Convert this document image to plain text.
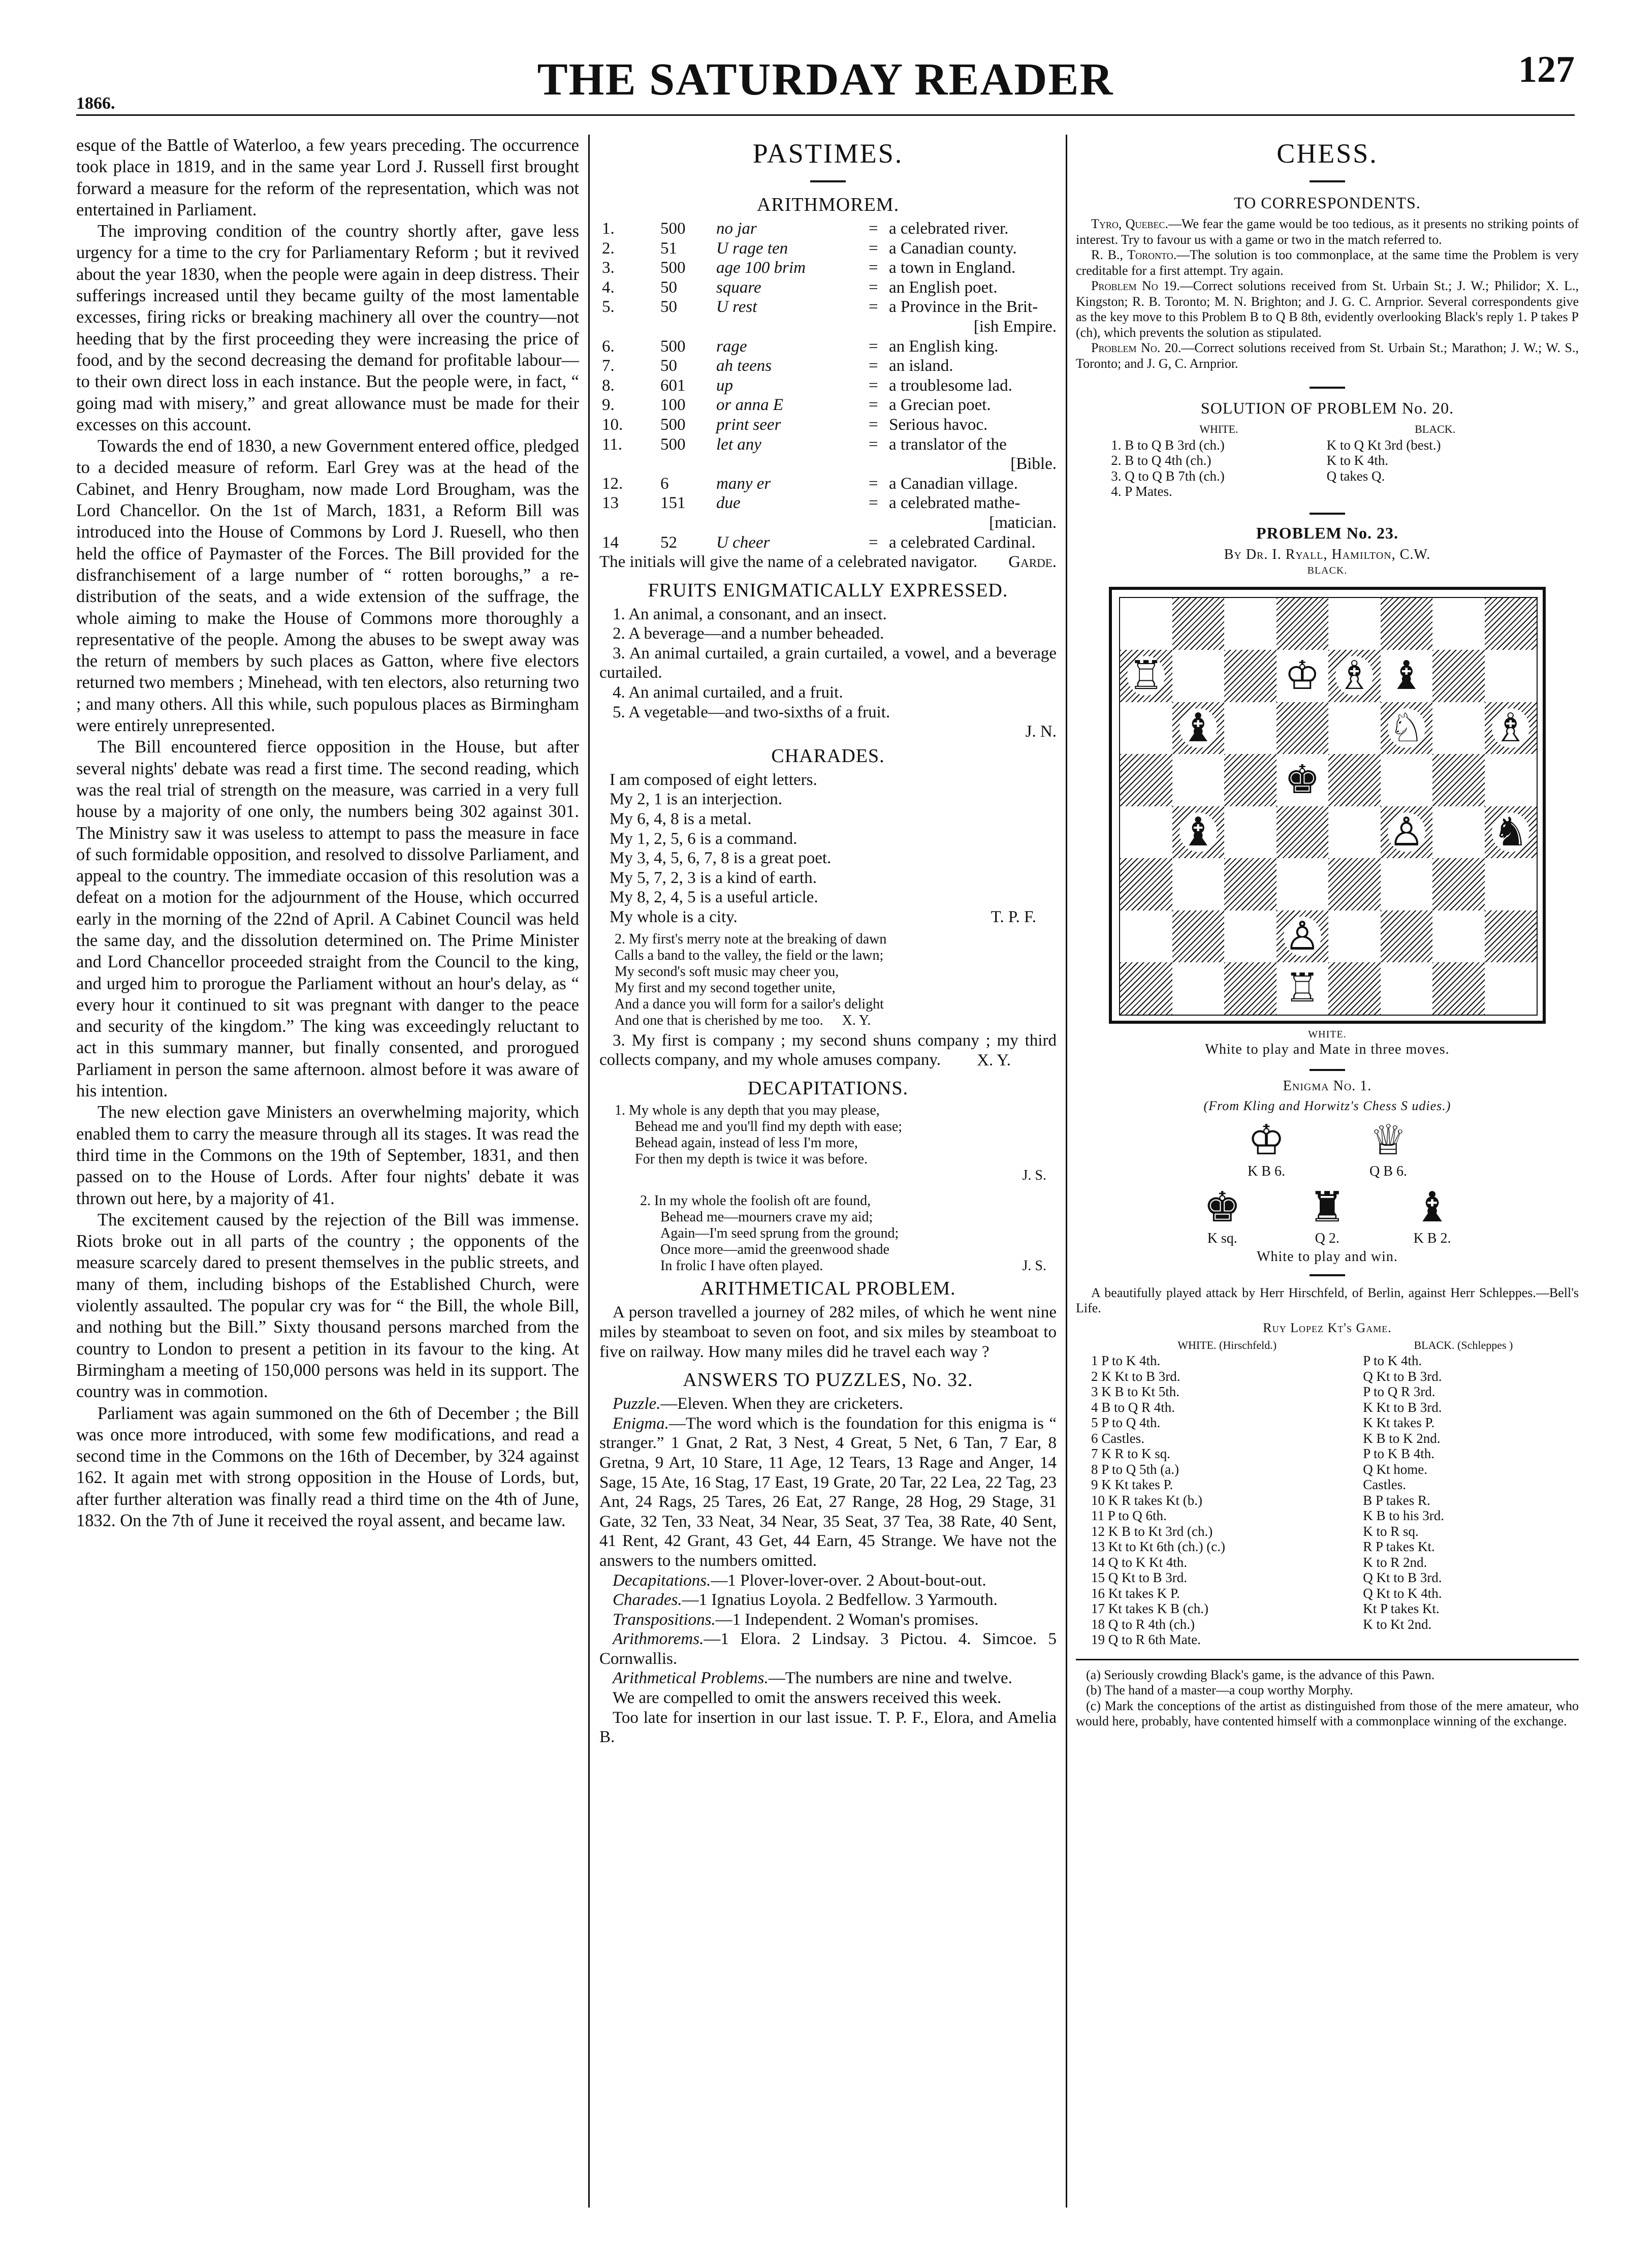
1866.	THE SATURDAY READER	127

esque of the Battle of Waterloo, a few years preceding. The occurrence took place in 1819, and in the same year Lord J. Russell first brought forward a measure for the reform of the representation, which was not entertained in Parliament.

The improving condition of the country shortly after, gave less urgency for a time to the cry for Parliamentary Reform ; but it revived about the year 1830, when the people were again in deep distress. Their sufferings increased until they became guilty of the most lamentable excesses, firing ricks or breaking machinery all over the country—not heeding that by the first proceeding they were increasing the price of food, and by the second decreasing the demand for profitable labour—to their own direct loss in each instance. But the people were, in fact, “ going mad with misery,” and great allowance must be made for their excesses on this account.

Towards the end of 1830, a new Government entered office, pledged to a decided measure of reform. Earl Grey was at the head of the Cabinet, and Henry Brougham, now made Lord Brougham, was the Lord Chancellor. On the 1st of March, 1831, a Reform Bill was introduced into the House of Commons by Lord J. Ruesell, who then held the office of Paymaster of the Forces. The Bill provided for the disfranchisement of a large number of “ rotten boroughs,” a re-distribution of the seats, and a wide extension of the suffrage, the whole aiming to make the House of Commons more thoroughly a representative of the people. Among the abuses to be swept away was the return of members by such places as Gatton, where five electors returned two members ; Minehead, with ten electors, also returning two ; and many others. All this while, such populous places as Birmingham were entirely unrepresented.

The Bill encountered fierce opposition in the House, but after several nights' debate was read a first time. The second reading, which was the real trial of strength on the measure, was carried in a very full house by a majority of one only, the numbers being 302 against 301. The Ministry saw it was useless to attempt to pass the measure in face of such formidable opposition, and resolved to dissolve Parliament, and appeal to the country. The immediate occasion of this resolution was a defeat on a motion for the adjournment of the House, which occurred early in the morning of the 22nd of April. A Cabinet Council was held the same day, and the dissolution determined on. The Prime Minister and Lord Chancellor proceeded straight from the Council to the king, and urged him to prorogue the Parliament without an hour's delay, as “ every hour it continued to sit was pregnant with danger to the peace and security of the kingdom.” The king was exceedingly reluctant to act in this summary manner, but finally consented, and prorogued Parliament in person the same afternoon. almost before it was aware of his intention.

The new election gave Ministers an overwhelming majority, which enabled them to carry the measure through all its stages. It was read the third time in the Commons on the 19th of September, 1831, and then passed on to the House of Lords. After four nights' debate it was thrown out here, by a majority of 41.

The excitement caused by the rejection of the Bill was immense. Riots broke out in all parts of the country ; the opponents of the measure scarcely dared to present themselves in the public streets, and many of them, including bishops of the Established Church, were violently assaulted. The popular cry was for “ the Bill, the whole Bill, and nothing but the Bill.” Sixty thousand persons marched from the country to London to present a petition in its favour to the king. At Birmingham a meeting of 150,000 persons was held in its support. The country was in commotion.

Parliament was again summoned on the 6th of December ; the Bill was once more introduced, with some few modifications, and read a second time in the Commons on the 16th of December, by 324 against 162. It again met with strong opposition in the House of Lords, but, after further alteration was finally read a third time on the 4th of June, 1832. On the 7th of June it received the royal assent, and became law.

PASTIMES.
ARITHMOREM.
1.	500	no jar	=	a celebrated river.
2.	51	U rage ten	=	a Canadian county.
3.	500	age 100 brim	=	a town in England.
4.	50	square	=	an English poet.
5.	50	U rest	=	a Province in the Brit-
				[ish Empire.
6.	500	rage	=	an English king.
7.	50	ah teens	=	an island.
8.	601	up	=	a troublesome lad.
9.	100	or anna E	=	a Grecian poet.
10.	500	print seer	=	Serious havoc.
11.	500	let any	=	a translator of the
				[Bible.
12.	6	many er	=	a Canadian village.
13	151	due	=	a celebrated mathe-
				[matician.
14	52	U cheer	=	a celebrated Cardinal.
The initials will give the name of a celebrated navigator. Garde.
FRUITS ENIGMATICALLY EXPRESSED.

1. An animal, a consonant, and an insect.

2. A beverage—and a number beheaded.

3. An animal curtailed, a grain curtailed, a vowel, and a beverage curtailed.

4. An animal curtailed, and a fruit.

5. A vegetable—and two-sixths of a fruit.

J. N.
CHARADES.
I am composed of eight letters.
My 2, 1 is an interjection.
My 6, 4, 8 is a metal.
My 1, 2, 5, 6 is a command.
My 3, 4, 5, 6, 7, 8 is a great poet.
My 5, 7, 2, 3 is a kind of earth.
My 8, 2, 4, 5 is a useful article.
My whole is a city.	T. P. F.

2. My first's merry note at the breaking of dawn

Calls a band to the valley, the field or the lawn;

My second's soft music may cheer you,

My first and my second together unite,

And a dance you will form for a sailor's delight

And one that is cherished by me too. X. Y.

3. My first is company ; my second shuns company ; my third collects company, and my whole amuses company.	X. Y.
DECAPITATIONS.

1. My whole is any depth that you may please,

Behead me and you'll find my depth with ease;

Behead again, instead of less I'm more,

For then my depth is twice it was before.

J. S.

2. In my whole the foolish oft are found,

Behead me—mourners crave my aid;

Again—I'm seed sprung from the ground;

Once more—amid the greenwood shade

In frolic I have often played.	J. S.

ARITHMETICAL PROBLEM.

A person travelled a journey of 282 miles, of which he went nine miles by steamboat to seven on foot, and six miles by steamboat to five on railway. How many miles did he travel each way ?

ANSWERS TO PUZZLES, No. 32.

Puzzle.—Eleven. When they are cricketers.

Enigma.—The word which is the foundation for this enigma is “ stranger.” 1 Gnat, 2 Rat, 3 Nest, 4 Great, 5 Net, 6 Tan, 7 Ear, 8 Gretna, 9 Art, 10 Stare, 11 Age, 12 Tears, 13 Rage and Anger, 14 Sage, 15 Ate, 16 Stag, 17 East, 19 Grate, 20 Tar, 22 Lea, 22 Tag, 23 Ant, 24 Rags, 25 Tares, 26 Eat, 27 Range, 28 Hog, 29 Stage, 31 Gate, 32 Ten, 33 Neat, 34 Near, 35 Seat, 37 Tea, 38 Rate, 40 Sent, 41 Rent, 42 Grant, 43 Get, 44 Earn, 45 Strange. We have not the answers to the numbers omitted.

Decapitations.—1 Plover-lover-over. 2 About-bout-out.

Charades.—1 Ignatius Loyola. 2 Bedfellow. 3 Yarmouth.

Transpositions.—1 Independent. 2 Woman's promises.

Arithmorems.—1 Elora. 2 Lindsay. 3 Pictou. 4. Simcoe. 5 Cornwallis.

Arithmetical Problems.—The numbers are nine and twelve.

We are compelled to omit the answers received this week.

Too late for insertion in our last issue. T. P. F., Elora, and Amelia B.

CHESS.
TO CORRESPONDENTS.

Tyro, Quebec.—We fear the game would be too tedious, as it presents no striking points of interest. Try to favour us with a game or two in the match referred to.

R. B., Toronto.—The solution is too commonplace, at the same time the Problem is very creditable for a first attempt. Try again.

Problem No 19.—Correct solutions received from St. Urbain St.; J. W.; Philidor; X. L., Kingston; R. B. Toronto; M. N. Brighton; and J. G. C. Arnprior. Several correspondents give as the key move to this Problem B to Q B 8th, evidently overlooking Black's reply 1. P takes P (ch), which prevents the solution as stipulated.

Problem No. 20.—Correct solutions received from St. Urbain St.; Marathon; J. W.; W. S., Toronto; and J. G, C. Arnprior.

SOLUTION OF PROBLEM No. 20.
WHITE.	BLACK.
1. B to Q B 3rd (ch.)	K to Q Kt 3rd (best.)
2. B to Q 4th (ch.)	K to K 4th.
3. Q to Q B 7th (ch.)	Q takes Q.
4. P Mates.	
PROBLEM No. 23.
By Dr. I. Ryall, Hamilton, C.W.
BLACK.
♖	♔ ♗ ♝
♝	♘ ♗
♚
♝	♙ ♞
♙
♖
WHITE.
White to play and Mate in three moves.
Enigma No. 1.
(From Kling and Horwitz's Chess S udies.)
♔
K B 6.
♕
Q B 6.
♚
K sq.
♜
Q 2.
♝
K B 2.
White to play and win.

A beautifully played attack by Herr Hirschfeld, of Berlin, against Herr Schleppes.—Bell's Life.

Ruy Lopez Kt's Game.
WHITE. (Hirschfeld.)	BLACK. (Schleppes )
1 P to K 4th.	P to K 4th.
2 K Kt to B 3rd.	Q Kt to B 3rd.
3 K B to Kt 5th.	P to Q R 3rd.
4 B to Q R 4th.	K Kt to B 3rd.
5 P to Q 4th.	K Kt takes P.
6 Castles.	K B to K 2nd.
7 K R to K sq.	P to K B 4th.
8 P to Q 5th (a.)	Q Kt home.
9 K Kt takes P.	Castles.
10 K R takes Kt (b.)	B P takes R.
11 P to Q 6th.	K B to his 3rd.
12 K B to Kt 3rd (ch.)	K to R sq.
13 Kt to Kt 6th (ch.) (c.)	R P takes Kt.
14 Q to K Kt 4th.	K to R 2nd.
15 Q Kt to B 3rd.	Q Kt to B 3rd.
16 Kt takes K P.	Q Kt to K 4th.
17 Kt takes K B (ch.)	Kt P takes Kt.
18 Q to R 4th (ch.)	K to Kt 2nd.
19 Q to R 6th Mate.	

(a) Seriously crowding Black's game, is the advance of this Pawn.

(b) The hand of a master—a coup worthy Morphy.

(c) Mark the conceptions of the artist as distinguished from those of the mere amateur, who would here, probably, have contented himself with a commonplace winning of the exchange.
